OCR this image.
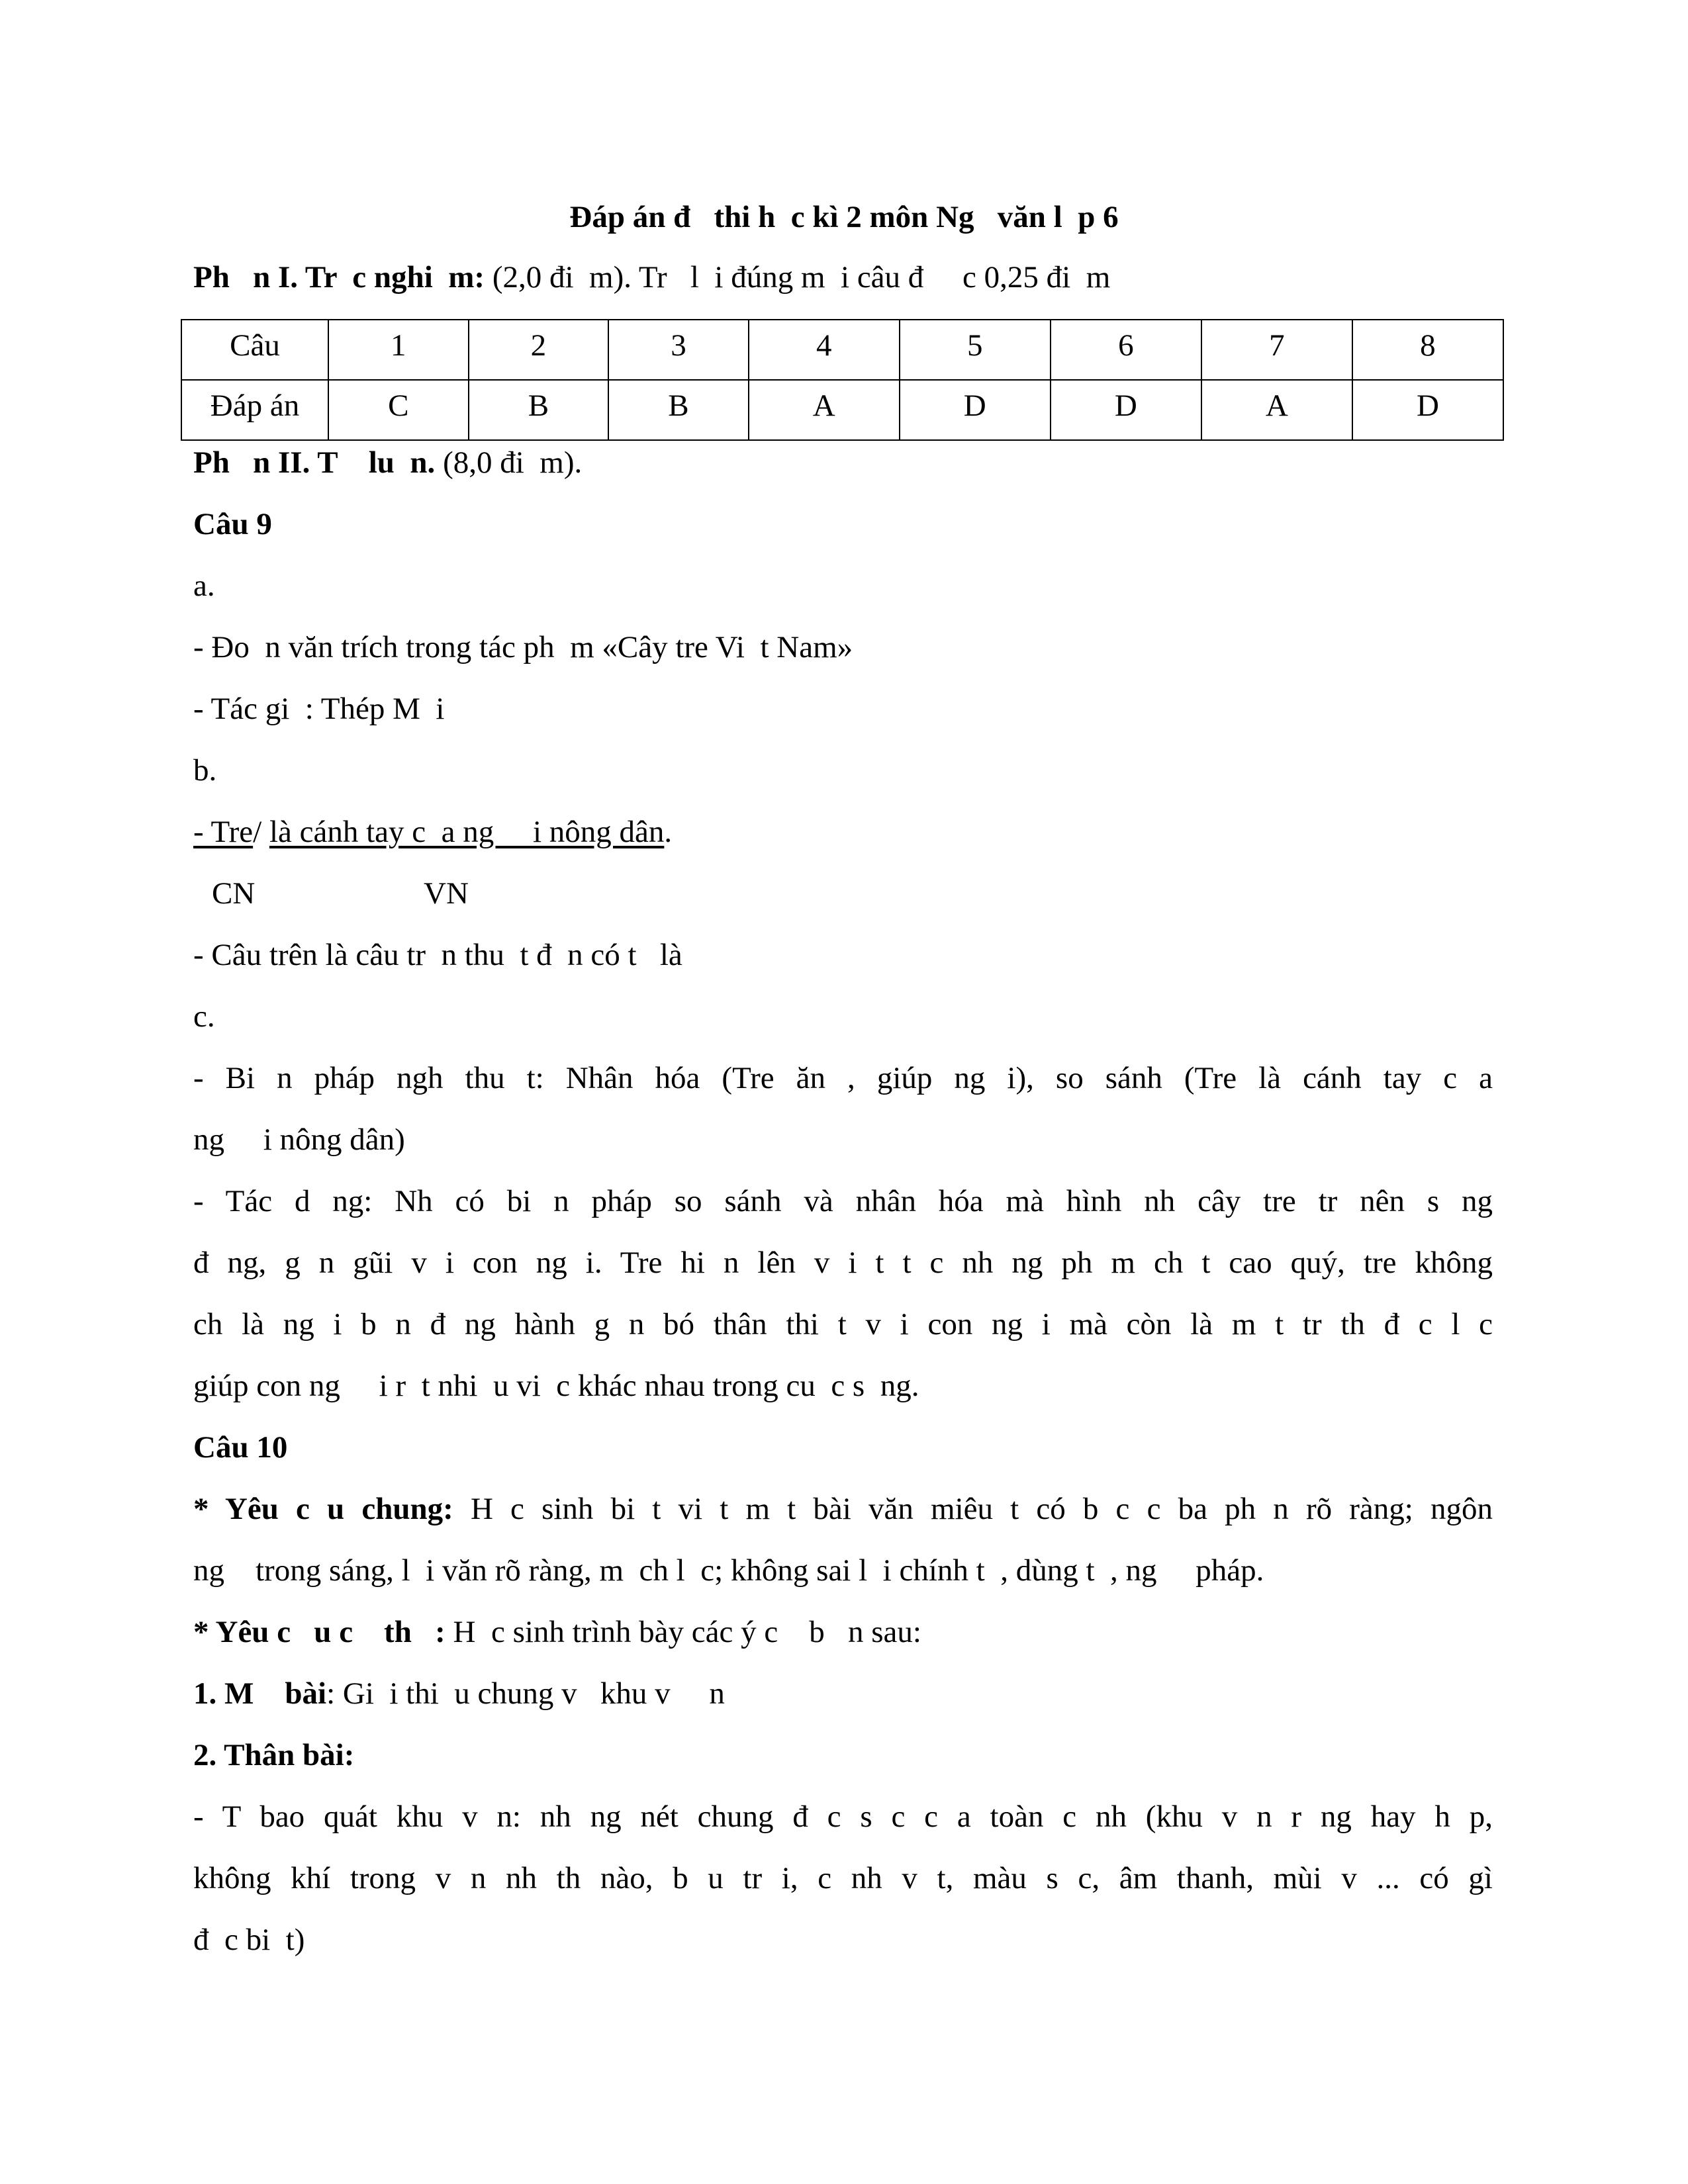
Đáp án đ   thi h  c kì 2 môn Ng   văn l  p 6
Ph   n I. Tr  c nghi  m: (2,0 đi  m). Tr   l  i đúng m  i câu đ     c 0,25 đi  m
Câu	1	2	3	4	5	6	7	8
Đáp án	C	B	B	A	D	D	A	D
Ph   n II. T    lu  n. (8,0 đi  m).
Câu 9
a.
- Đo  n văn trích trong tác ph  m «Cây tre Vi  t Nam»
- Tác gi  : Thép M  i
b.
- Tre/ là cánh tay c  a ng     i nông dân.
CN	VN
- Câu trên là câu tr  n thu  t đ  n có t   là
c.
- Bi n pháp ngh thu t: Nhân hóa (Tre ăn , giúp ng i), so sánh (Tre là cánh tay c a
ng     i nông dân)
- Tác d ng: Nh có bi n pháp so sánh và nhân hóa mà hình nh cây tre tr nên s ng
đ ng, g n gũi v i con ng i. Tre hi n lên v i t t c nh ng ph m ch t cao quý, tre không
ch là ng i b n đ ng hành g n bó thân thi t v i con ng i mà còn là m t tr th đ c l c
giúp con ng     i r  t nhi  u vi  c khác nhau trong cu  c s  ng.
Câu 10
* Yêu c u chung: H c sinh bi t vi t m t bài văn miêu t có b c c ba ph n rõ ràng; ngôn
ng    trong sáng, l  i văn rõ ràng, m  ch l  c; không sai l  i chính t  , dùng t  , ng     pháp.
* Yêu c   u c    th   : H  c sinh trình bày các ý c    b   n sau:
1. M    bài: Gi  i thi  u chung v   khu v     n
2. Thân bài:
- T bao quát khu v n: nh ng nét chung đ c s c c a toàn c nh (khu v n r ng hay h p,
không khí trong v n nh th nào, b u tr i, c nh v t, màu s c, âm thanh, mùi v ... có gì
đ  c bi  t)
